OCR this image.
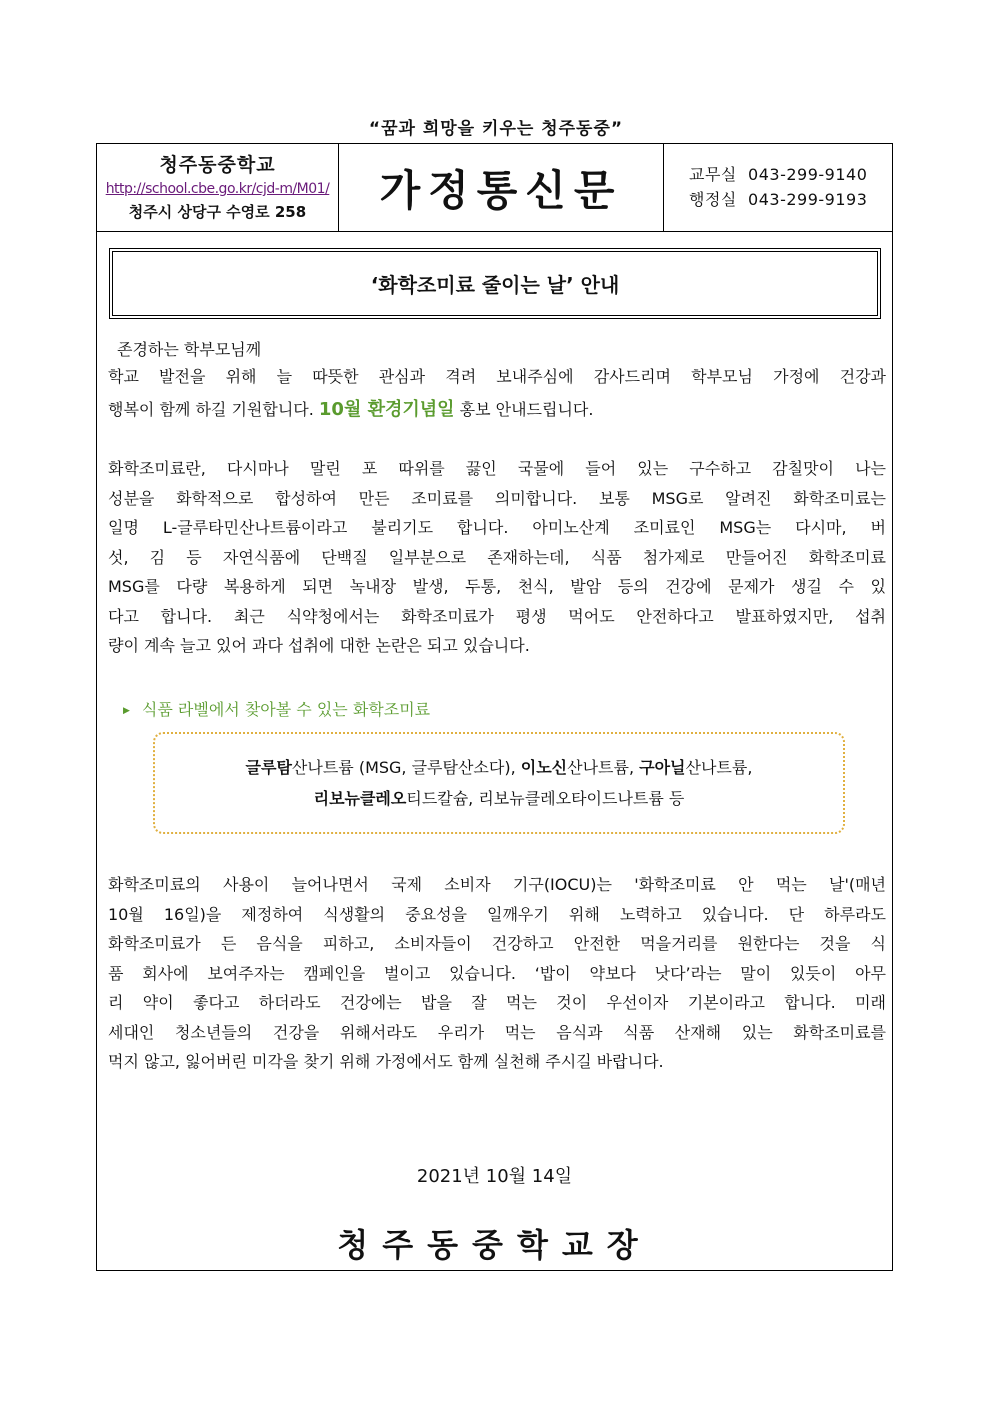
“꿈과 희망을 키우는 청주동중”
청주동중학교
http://school.cbe.go.kr/cjd-m/M01/
청주시 상당구 수영로 258	가정통신문	교무실 043-299-9140
행정실 043-299-9193
‘화학조미료 줄이는 날’ 안내
존경하는 학부모님께
학교 발전을 위해 늘 따뜻한 관심과 격려 보내주심에 감사드리며 학부모님 가정에 건강과
행복이 함께 하길 기원합니다. 10월 환경기념일 홍보 안내드립니다.
화학조미료란, 다시마나 말린 포 따위를 끓인 국물에 들어 있는 구수하고 감칠맛이 나는
성분을 화학적으로 합성하여 만든 조미료를 의미합니다. 보통 MSG로 알려진 화학조미료는
일명 L-글루타민산나트륨이라고 불리기도 합니다. 아미노산계 조미료인 MSG는 다시마, 버
섯, 김 등 자연식품에 단백질 일부분으로 존재하는데, 식품 첨가제로 만들어진 화학조미료
MSG를 다량 복용하게 되면 녹내장 발생, 두통, 천식, 발암 등의 건강에 문제가 생길 수 있
다고 합니다. 최근 식약청에서는 화학조미료가 평생 먹어도 안전하다고 발표하였지만, 섭취
량이 계속 늘고 있어 과다 섭취에 대한 논란은 되고 있습니다.
▶ 식품 라벨에서 찾아볼 수 있는 화학조미료
글루탐산나트륨 (MSG, 글루탐산소다), 이노신산나트륨, 구아닐산나트륨,
리보뉴클레오티드칼슘, 리보뉴클레오타이드나트륨 등
화학조미료의 사용이 늘어나면서 국제 소비자 기구(IOCU)는 '화학조미료 안 먹는 날'(매년
10월 16일)을 제정하여 식생활의 중요성을 일깨우기 위해 노력하고 있습니다. 단 하루라도
화학조미료가 든 음식을 피하고, 소비자들이 건강하고 안전한 먹을거리를 원한다는 것을 식
품 회사에 보여주자는 캠페인을 벌이고 있습니다. ‘밥이 약보다 낫다’라는 말이 있듯이 아무
리 약이 좋다고 하더라도 건강에는 밥을 잘 먹는 것이 우선이자 기본이라고 합니다. 미래
세대인 청소년들의 건강을 위해서라도 우리가 먹는 음식과 식품 산재해 있는 화학조미료를
먹지 않고, 잃어버린 미각을 찾기 위해 가정에서도 함께 실천해 주시길 바랍니다.
2021년 10월 14일
청주동중학교장
